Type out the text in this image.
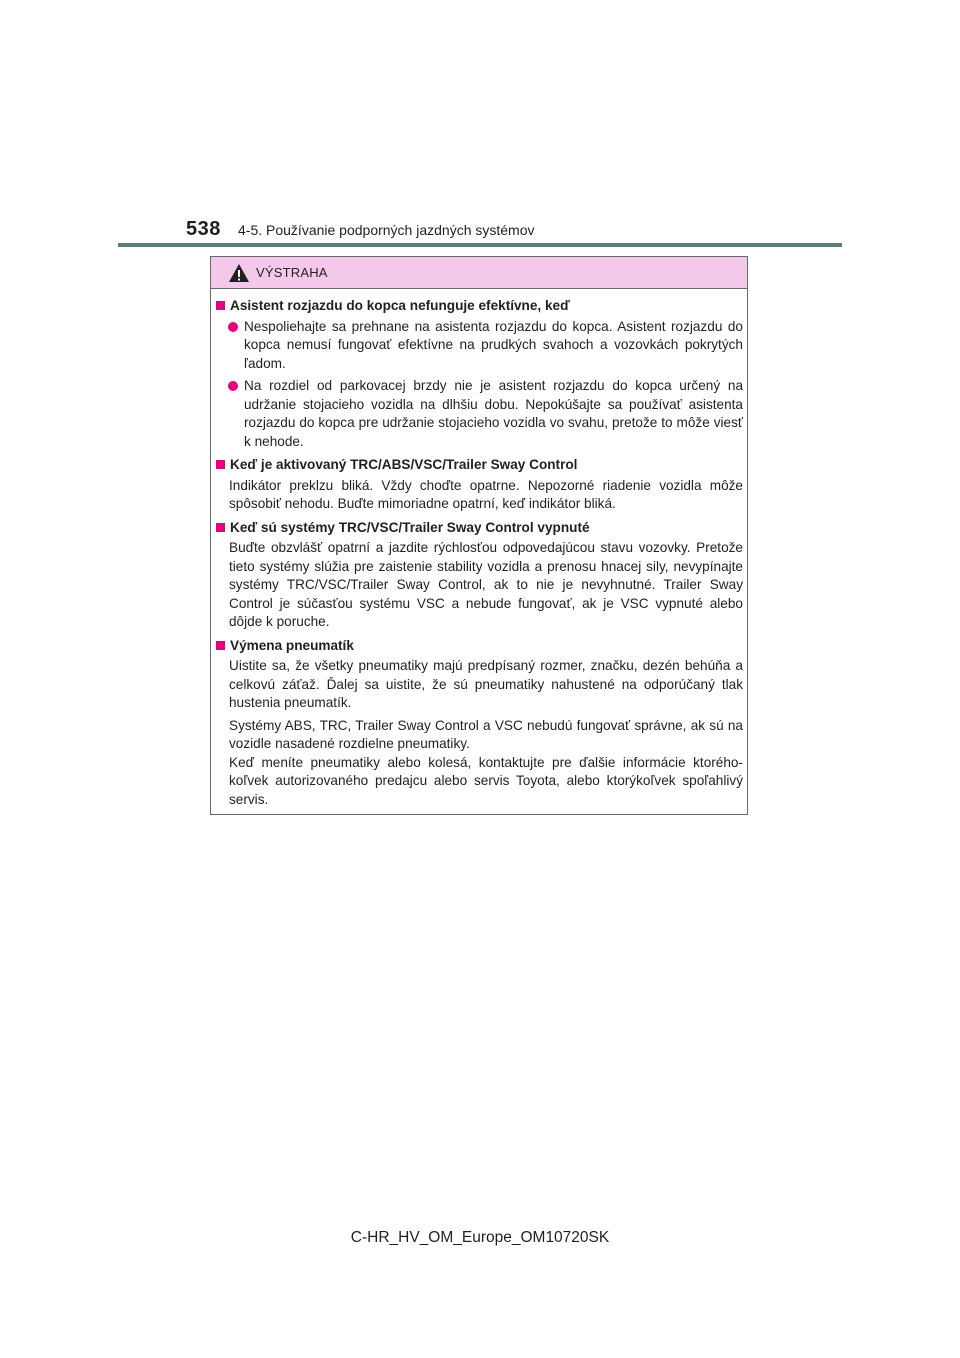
538 4-5. Používanie podporných jazdných systémov
VÝSTRAHA
Asistent rozjazdu do kopca nefunguje efektívne, keď
Nespoliehajte sa prehnane na asistenta rozjazdu do kopca. Asistent rozjazdu do kopca nemusí fungovať efektívne na prudkých svahoch a vozovkách pokrytých ľadom.
Na rozdiel od parkovacej brzdy nie je asistent rozjazdu do kopca určený na udržanie stojacieho vozidla na dlhšiu dobu. Nepokúšajte sa používať asistenta rozjazdu do kopca pre udržanie stojacieho vozidla vo svahu, pretože to môže viesť k nehode.
Keď je aktivovaný TRC/ABS/VSC/Trailer Sway Control
Indikátor preklzu bliká. Vždy choďte opatrne. Nepozorné riadenie vozidla môže spôsobiť nehodu. Buďte mimoriadne opatrní, keď indikátor bliká.
Keď sú systémy TRC/VSC/Trailer Sway Control vypnuté
Buďte obzvlášť opatrní a jazdite rýchlosťou odpovedajúcou stavu vozovky. Pretože tieto systémy slúžia pre zaistenie stability vozidla a prenosu hnacej sily, nevypínajte systémy TRC/VSC/Trailer Sway Control, ak to nie je nevyhnutné. Trailer Sway Control je súčasťou systému VSC a nebude fungovať, ak je VSC vypnuté alebo dôjde k poruche.
Výmena pneumatík
Uistite sa, že všetky pneumatiky majú predpísaný rozmer, značku, dezén behúňa a celkovú záťaž. Ďalej sa uistite, že sú pneumatiky nahustené na odporúčaný tlak hustenia pneumatík.
Systémy ABS, TRC, Trailer Sway Control a VSC nebudú fungovať správne, ak sú na vozidle nasadené rozdielne pneumatiky.
Keď meníte pneumatiky alebo kolesá, kontaktujte pre ďalšie informácie ktoréhokoľvek autorizovaného predajcu alebo servis Toyota, alebo ktorýkoľvek spoľahlivý servis.
C-HR_HV_OM_Europe_OM10720SK
